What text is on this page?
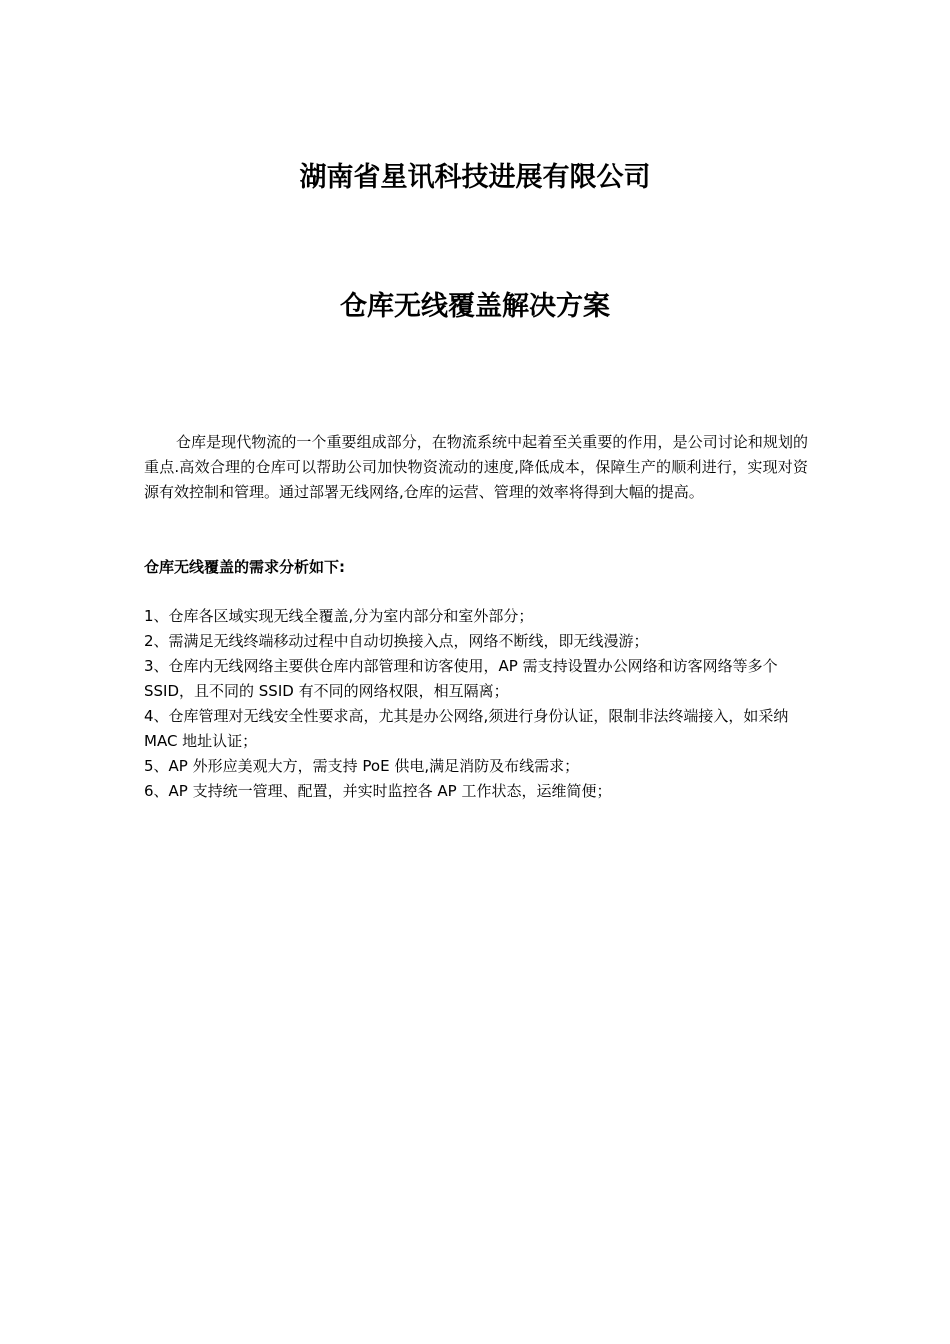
湖南省星讯科技进展有限公司
仓库无线覆盖解决方案

仓库是现代物流的一个重要组成部分，在物流系统中起着至关重要的作用，是公司讨论和规划的重点.高效合理的仓库可以帮助公司加快物资流动的速度,降低成本，保障生产的顺利进行，实现对资源有效控制和管理。通过部署无线网络,仓库的运营、管理的效率将得到大幅的提高。

仓库无线覆盖的需求分析如下:

1、仓库各区域实现无线全覆盖,分为室内部分和室外部分；
2、需满足无线终端移动过程中自动切换接入点，网络不断线，即无线漫游；
3、仓库内无线网络主要供仓库内部管理和访客使用，AP 需支持设置办公网络和访客网络等多个 SSID，且不同的 SSID 有不同的网络权限，相互隔离；
4、仓库管理对无线安全性要求高，尤其是办公网络,须进行身份认证，限制非法终端接入，如采纳 MAC 地址认证；
5、AP 外形应美观大方，需支持 PoE 供电,满足消防及布线需求；
6、AP 支持统一管理、配置，并实时监控各 AP 工作状态，运维简便；
